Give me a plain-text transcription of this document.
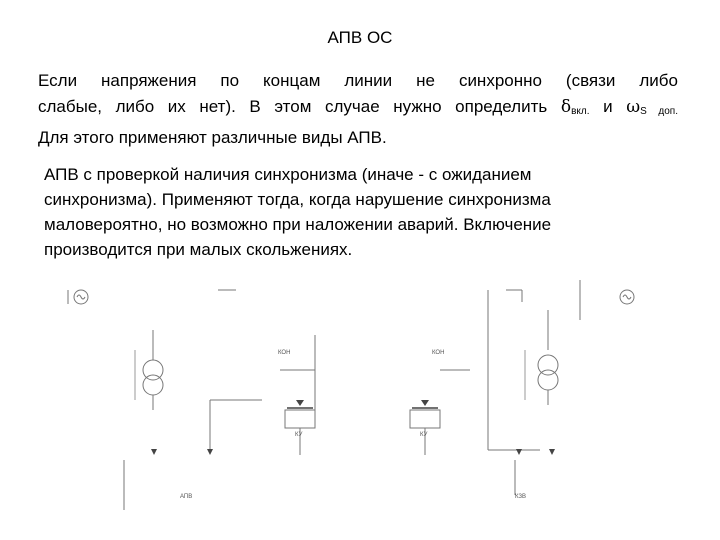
АПВ ОС
Если напряжения по концам линии не синхронно (связи либо
слабые, либо их нет). В этом случае нужно определить $\delta_{вкл.}$ и $\omega_{S доп.}$
Для этого применяют различные виды АПВ.
АПВ с проверкой наличия синхронизма (иначе - с ожиданием
синхронизма). Применяют тогда, когда нарушение синхронизма
маловероятно, но возможно при наложении аварий. Включение
производится при малых скольжениях.
КОН	КОН
КУ	КУ
АПВ	КЗВ
